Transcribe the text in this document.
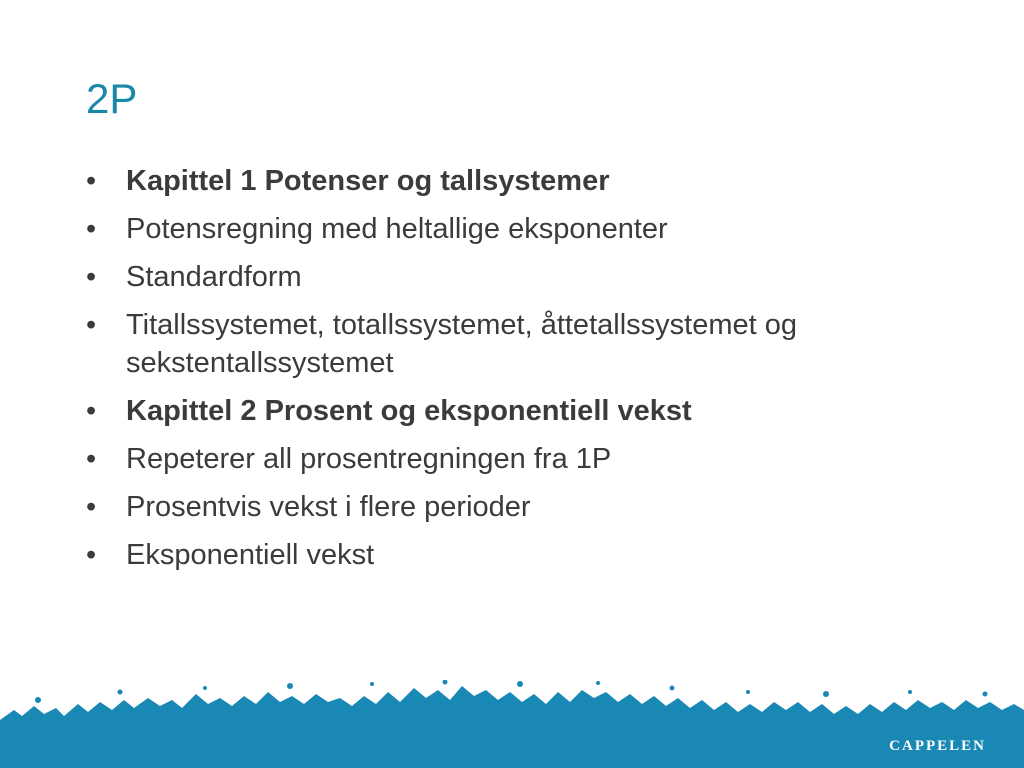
2P
•	Kapittel 1 Potenser og tallsystemer
•	Potensregning med heltallige eksponenter
•	Standardform
•	Titallssystemet, totallssystemet, åttetallssystemet og sekstentallssystemet
•	Kapittel 2 Prosent og eksponentiell vekst
•	Repeterer all prosentregningen fra 1P
•	Prosentvis vekst i flere perioder
•	Eksponentiell vekst
CAPPELEN
